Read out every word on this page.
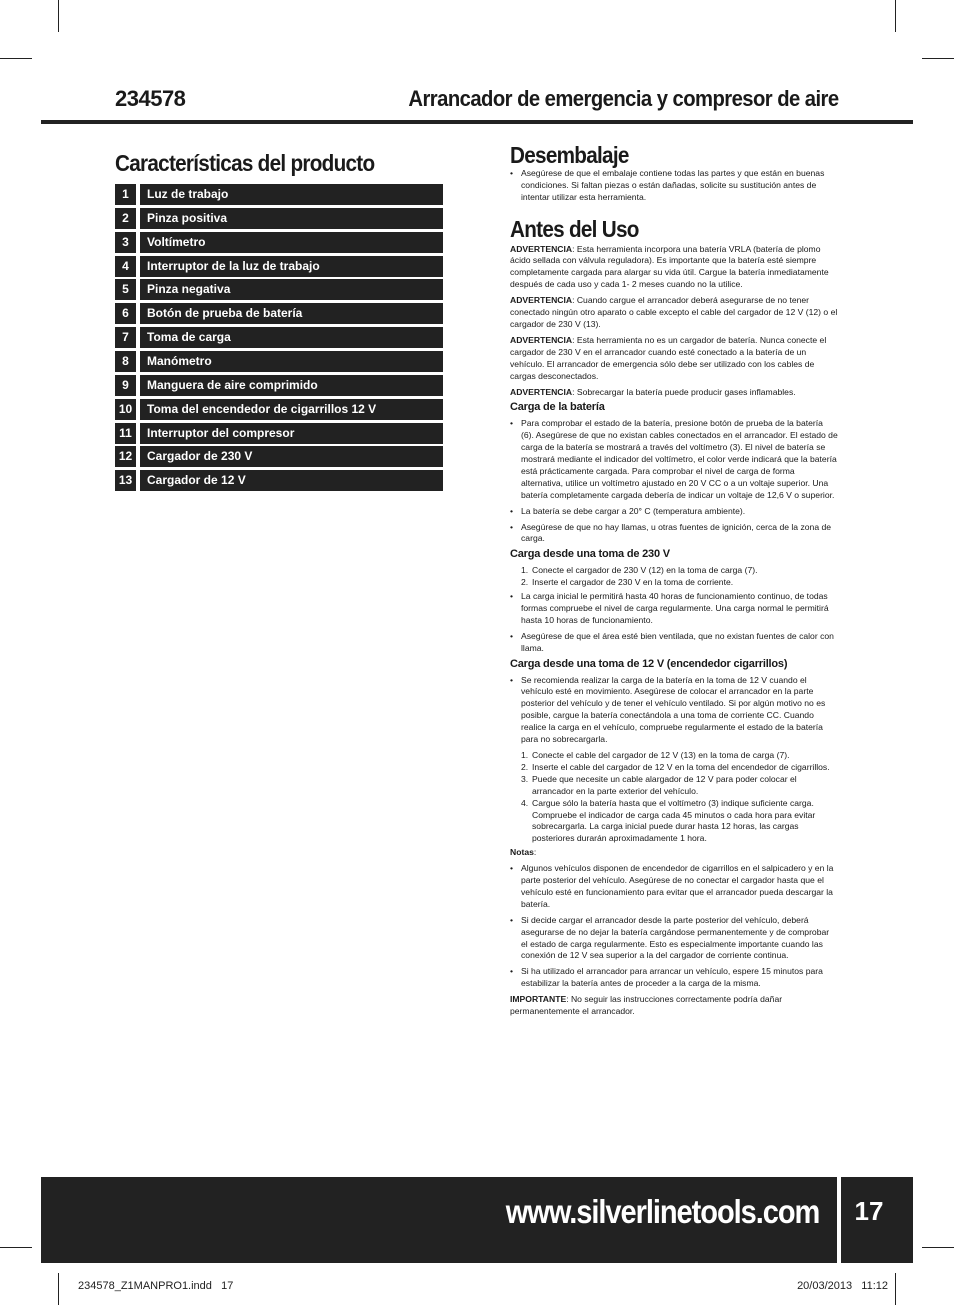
234578	Arrancador de emergencia y compresor de aire
Características del producto
1	Luz de trabajo
2	Pinza positiva
3	Voltímetro
4	Interruptor de la luz de trabajo
5	Pinza negativa
6	Botón de prueba de batería
7	Toma de carga
8	Manómetro
9	Manguera de aire comprimido
10	Toma del encendedor de cigarrillos 12 V
11	Interruptor del compresor
12	Cargador de 230 V
13	Cargador de 12 V
Desembalaje
• Asegúrese de que el embalaje contiene todas las partes y que están en buenas condiciones. Si faltan piezas o están dañadas, solicite su sustitución antes de intentar utilizar esta herramienta.
Antes del Uso

ADVERTENCIA: Esta herramienta incorpora una batería VRLA (batería de plomo ácido sellada con válvula reguladora). Es importante que la batería esté siempre completamente cargada para alargar su vida útil. Cargue la batería inmediatamente después de cada uso y cada 1- 2 meses cuando no la utilice.

ADVERTENCIA: Cuando cargue el arrancador deberá asegurarse de no tener conectado ningún otro aparato o cable excepto el cable del cargador de 12 V (12) o el cargador de 230 V (13).

ADVERTENCIA: Esta herramienta no es un cargador de batería. Nunca conecte el cargador de 230 V en el arrancador cuando esté conectado a la batería de un vehículo. El arrancador de emergencia sólo debe ser utilizado con los cables de cargas desconectados.

ADVERTENCIA: Sobrecargar la batería puede producir gases inflamables.

Carga de la batería
• Para comprobar el estado de la batería, presione botón de prueba de la batería (6). Asegúrese de que no existan cables conectados en el arrancador. El estado de carga de la batería se mostrará a través del voltímetro (3). El nivel de batería se mostrará mediante el indicador del voltímetro, el color verde indicará que la batería está prácticamente cargada. Para comprobar el nivel de carga de forma alternativa, utilice un voltímetro ajustado en 20 V CC o a un voltaje superior. Una batería completamente cargada debería de indicar un voltaje de 12,6 V o superior.
• La batería se debe cargar a 20° C (temperatura ambiente).
• Asegúrese de que no hay llamas, u otras fuentes de ignición, cerca de la zona de carga.
Carga desde una toma de 230 V
1. Conecte el cargador de 230 V (12) en la toma de carga (7).
2. Inserte el cargador de 230 V en la toma de corriente.
• La carga inicial le permitirá hasta 40 horas de funcionamiento continuo, de todas formas compruebe el nivel de carga regularmente. Una carga normal le permitirá hasta 10 horas de funcionamiento.
• Asegúrese de que el área esté bien ventilada, que no existan fuentes de calor con llama.
Carga desde una toma de 12 V (encendedor cigarrillos)
• Se recomienda realizar la carga de la batería en la toma de 12 V cuando el vehículo esté en movimiento. Asegúrese de colocar el arrancador en la parte posterior del vehículo y de tener el vehículo ventilado. Si por algún motivo no es posible, cargue la batería conectándola a una toma de corriente CC. Cuando realice la carga en el vehículo, compruebe regularmente el estado de la batería para no sobrecargarla.
1. Conecte el cable del cargador de 12 V (13) en la toma de carga (7).
2. Inserte el cable del cargador de 12 V en la toma del encendedor de cigarrillos.
3. Puede que necesite un cable alargador de 12 V para poder colocar el arrancador en la parte exterior del vehículo.
4. Cargue sólo la batería hasta que el voltímetro (3) indique suficiente carga. Compruebe el indicador de carga cada 45 minutos o cada hora para evitar sobrecargarla. La carga inicial puede durar hasta 12 horas, las cargas posteriores durarán aproximadamente 1 hora.

Notas:

• Algunos vehículos disponen de encendedor de cigarrillos en el salpicadero y en la parte posterior del vehículo. Asegúrese de no conectar el cargador hasta que el vehículo esté en funcionamiento para evitar que el arrancador pueda descargar la batería.
• Si decide cargar el arrancador desde la parte posterior del vehículo, deberá asegurarse de no dejar la batería cargándose permanentemente y de comprobar el estado de carga regularmente. Esto es especialmente importante cuando las conexión de 12 V sea superior a la del cargador de corriente continua.
• Si ha utilizado el arrancador para arrancar un vehículo, espere 15 minutos para estabilizar la batería antes de proceder a la carga de la misma.

IMPORTANTE: No seguir las instrucciones correctamente podría dañar permanentemente el arrancador.

www.silverlinetools.com	17
234578_Z1MANPRO1.indd   17	20/03/2013   11:12
